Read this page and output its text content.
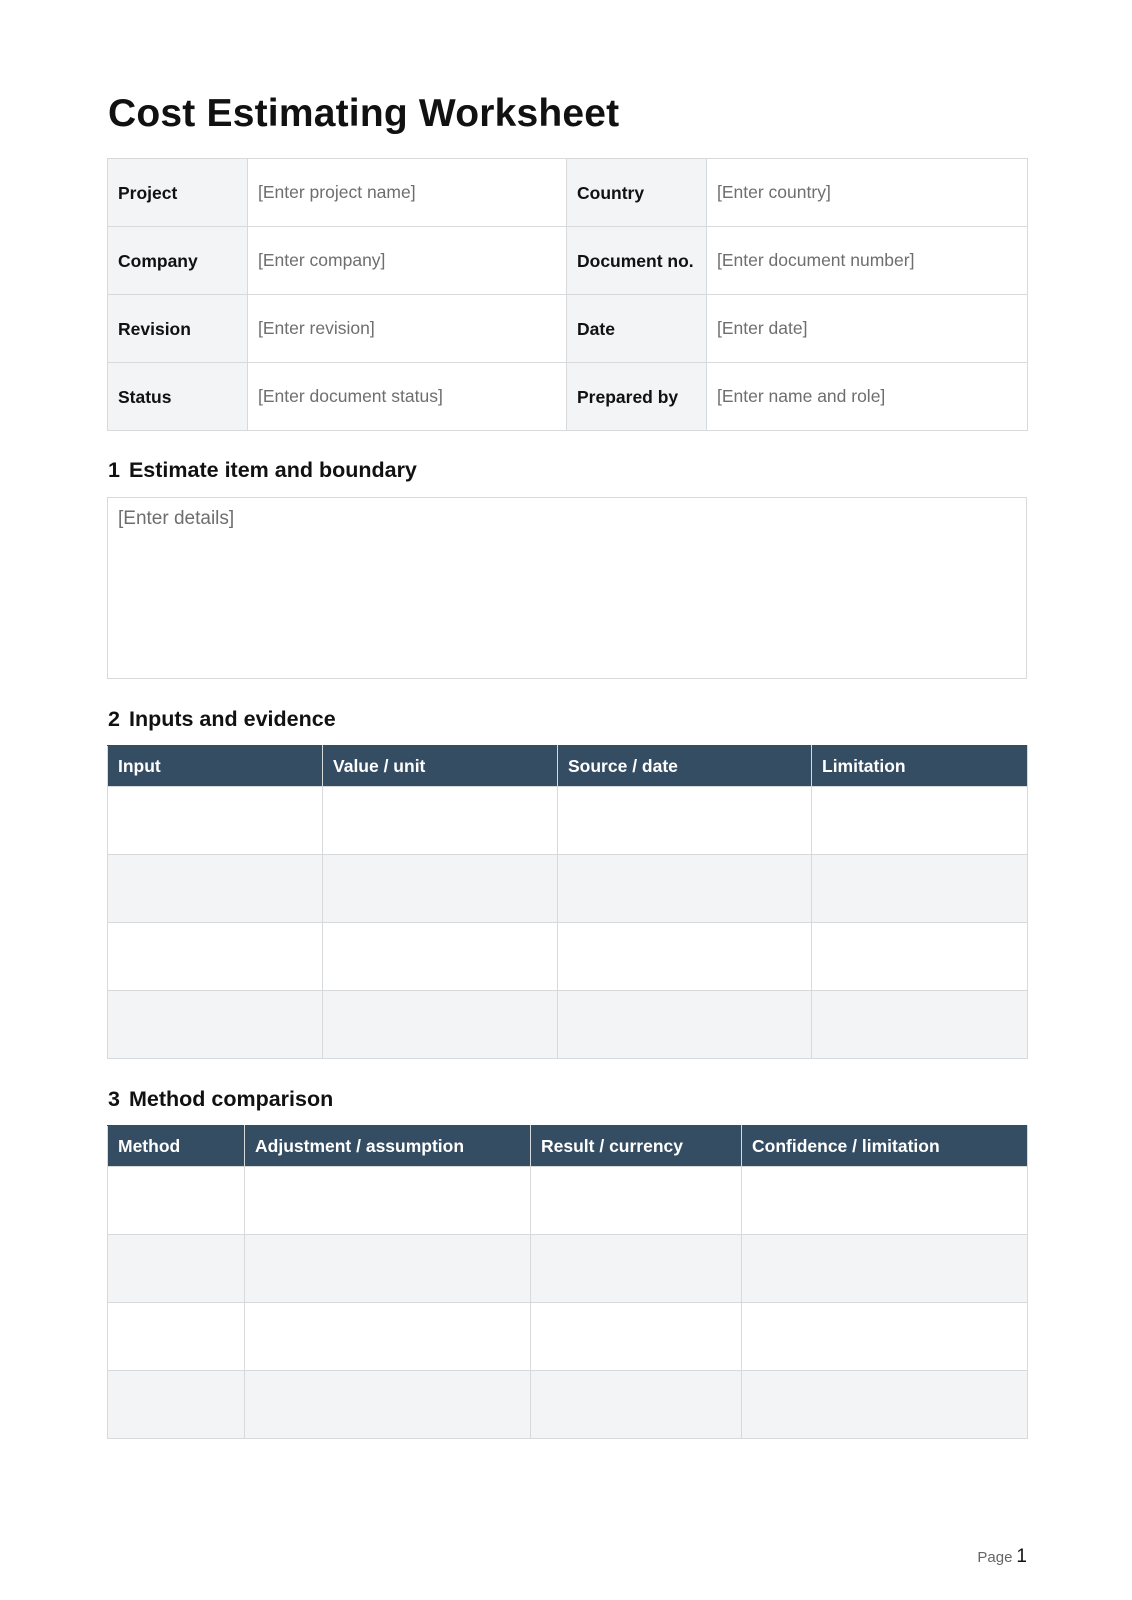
Cost Estimating Worksheet
Project	[Enter project name]	Country	[Enter country]
Company	[Enter company]	Document no.	[Enter document number]
Revision	[Enter revision]	Date	[Enter date]
Status	[Enter document status]	Prepared by	[Enter name and role]
1 Estimate item and boundary
[Enter details]
2 Inputs and evidence
Input	Value / unit	Source / date	Limitation

3 Method comparison
Method	Adjustment / assumption	Result / currency	Confidence / limitation

Page 1
